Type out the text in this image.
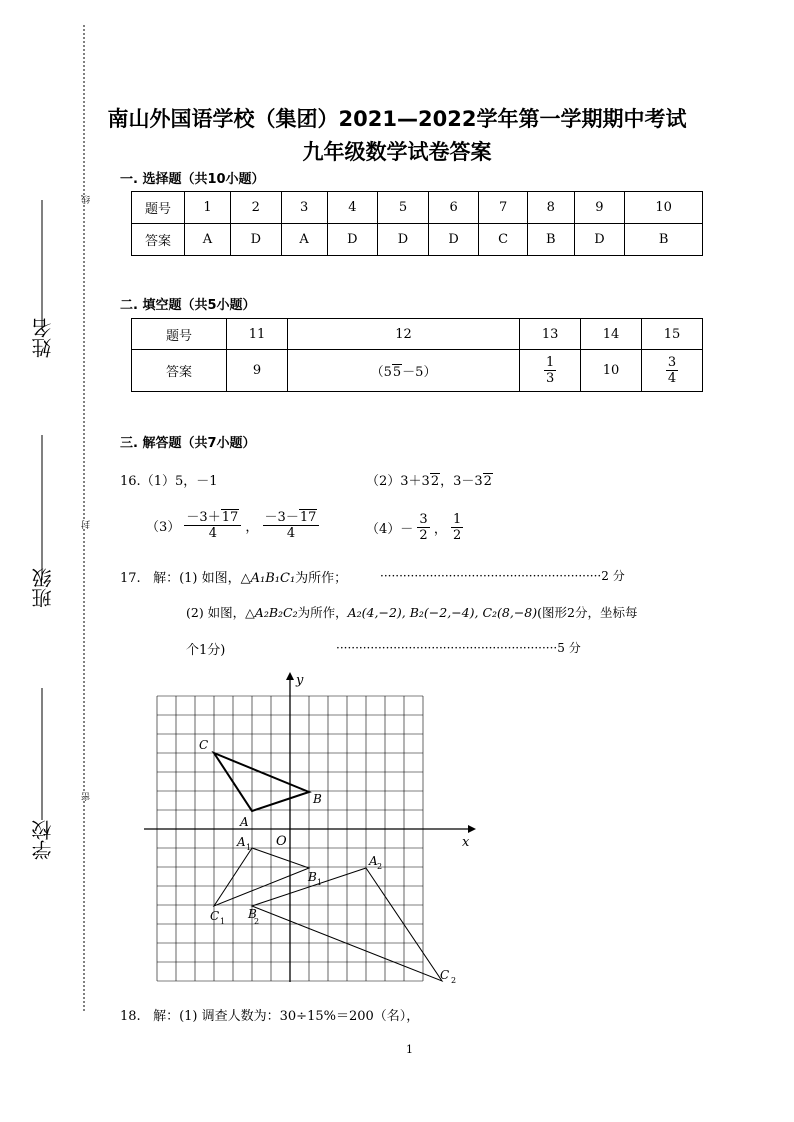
姓名
班级
学校
线
封
密
南山外国语学校（集团）2021—2022学年第一学期期中考试
九年级数学试卷答案
一. 选择题（共10小题）
题号	1	2	3	4	5	6	7	8	9	10
答案	A	D	A	D	D	D	C	B	D	B
二. 填空题（共5小题）
题号	11	12	13	14	15
答案	9	（55－5）	$\frac{1}{3}$	10	$\frac{3}{4}$
三. 解答题（共7小题）
16.（1）5，－1	（2）3＋32，3－32
$(3) \frac{-3+17}{4}$ ， $\frac{-3-17}{4}$	$(4)- \frac{3}{2}$ ， $\frac{1}{2}$
17. 解：(1) 如图，△A₁B₁C₁为所作；	··························································2 分
(2) 如图，△A₂B₂C₂为所作，A₂(4,−2), B₂(−2,−4), C₂(8,−8)(图形2分，坐标每
个1分)	··························································5 分
x
y
O
C
B
A
A 1
B 1
C 1
A 2
B
2
C 2
18. 解：(1) 调查人数为：30÷15%＝200（名），
1
